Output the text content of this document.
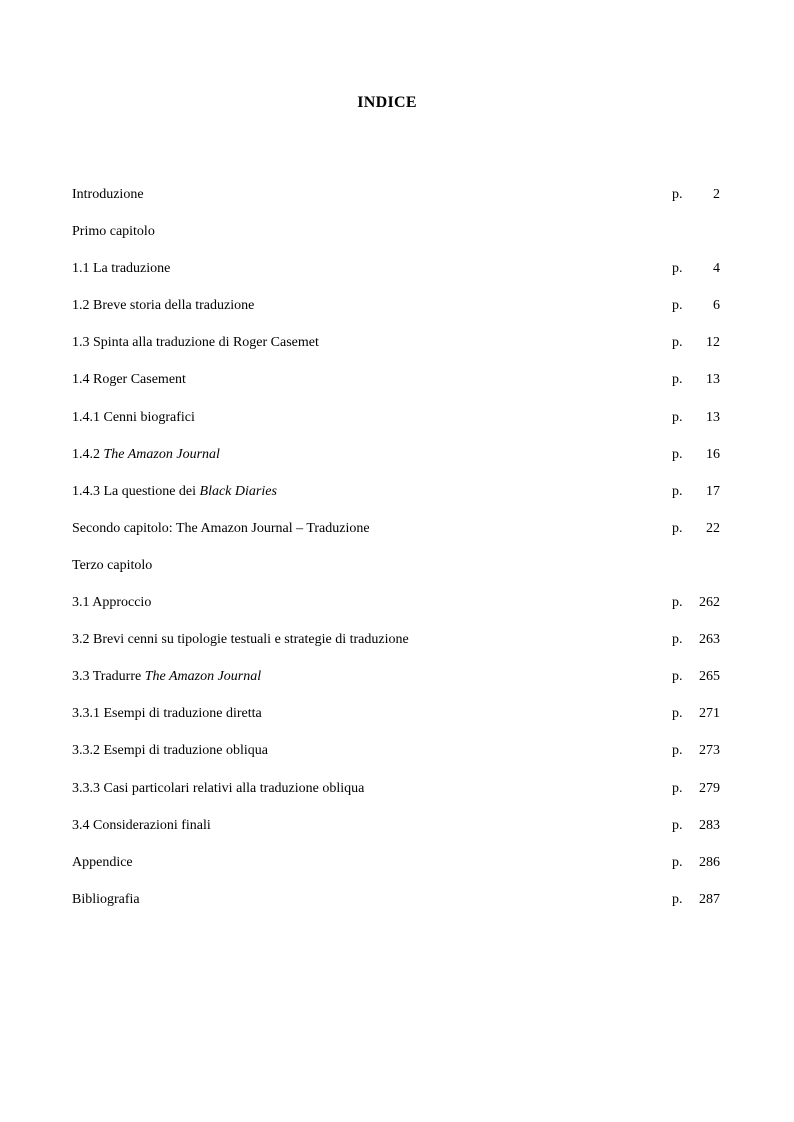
INDICE
Introduzione	p. 2
Primo capitolo
1.1 La traduzione	p. 4
1.2 Breve storia della traduzione	p. 6
1.3 Spinta alla traduzione di Roger Casemet	p. 12
1.4 Roger Casement	p. 13
1.4.1 Cenni biografici	p. 13
1.4.2 The Amazon Journal	p. 16
1.4.3 La questione dei Black Diaries	p. 17
Secondo capitolo: The Amazon Journal – Traduzione	p. 22
Terzo capitolo
3.1 Approccio	p. 262
3.2 Brevi cenni su tipologie testuali e strategie di traduzione	p. 263
3.3 Tradurre The Amazon Journal	p. 265
3.3.1 Esempi di traduzione diretta	p. 271
3.3.2 Esempi di traduzione obliqua	p. 273
3.3.3 Casi particolari relativi alla traduzione obliqua	p. 279
3.4 Considerazioni finali	p. 283
Appendice	p. 286
Bibliografia	p. 287
